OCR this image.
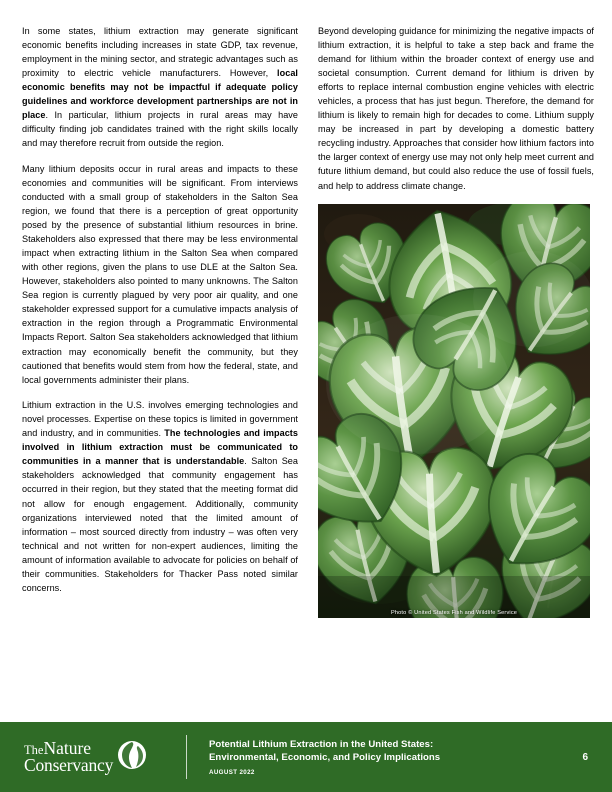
In some states, lithium extraction may generate significant economic benefits including increases in state GDP, tax revenue, employment in the mining sector, and strategic advantages such as proximity to electric vehicle manufacturers. However, local economic benefits may not be impactful if adequate policy guidelines and workforce development partnerships are not in place. In particular, lithium projects in rural areas may have difficulty finding job candidates trained with the right skills locally and may therefore recruit from outside the region.

Many lithium deposits occur in rural areas and impacts to these economies and communities will be significant. From interviews conducted with a small group of stakeholders in the Salton Sea region, we found that there is a perception of great opportunity posed by the presence of substantial lithium resources in brine. Stakeholders also expressed that there may be less environmental impact when extracting lithium in the Salton Sea when compared with other regions, given the plans to use DLE at the Salton Sea. However, stakeholders also pointed to many unknowns. The Salton Sea region is currently plagued by very poor air quality, and one stakeholder expressed support for a cumulative impacts analysis of extraction in the region through a Programmatic Environmental Impacts Report. Salton Sea stakeholders acknowledged that lithium extraction may economically benefit the community, but they cautioned that benefits would stem from how the federal, state, and local governments administer their plans.

Lithium extraction in the U.S. involves emerging technologies and novel processes. Expertise on these topics is limited in government and industry, and in communities. The technologies and impacts involved in lithium extraction must be communicated to communities in a manner that is understandable. Salton Sea stakeholders acknowledged that community engagement has occurred in their region, but they stated that the meeting format did not allow for enough engagement. Additionally, community organizations interviewed noted that the limited amount of information – most sourced directly from industry – was often very technical and not written for non-expert audiences, limiting the amount of information available to advocate for policies on behalf of their communities. Stakeholders for Thacker Pass noted similar concerns.

Beyond developing guidance for minimizing the negative impacts of lithium extraction, it is helpful to take a step back and frame the demand for lithium within the broader context of energy use and societal consumption. Current demand for lithium is driven by efforts to replace internal combustion engine vehicles with electric vehicles, a process that has just begun. Therefore, the demand for lithium is likely to remain high for decades to come. Lithium supply may be increased in part by developing a domestic battery recycling industry. Approaches that consider how lithium factors into the larger context of energy use may not only help meet current and future lithium demand, but could also reduce the use of fossil fuels, and help to address climate change.

Photo © United States Fish and Wildlife Service
TheNature
Conservancy
Potential Lithium Extraction in the United States:
Environmental, Economic, and Policy Implications
AUGUST 2022
6
